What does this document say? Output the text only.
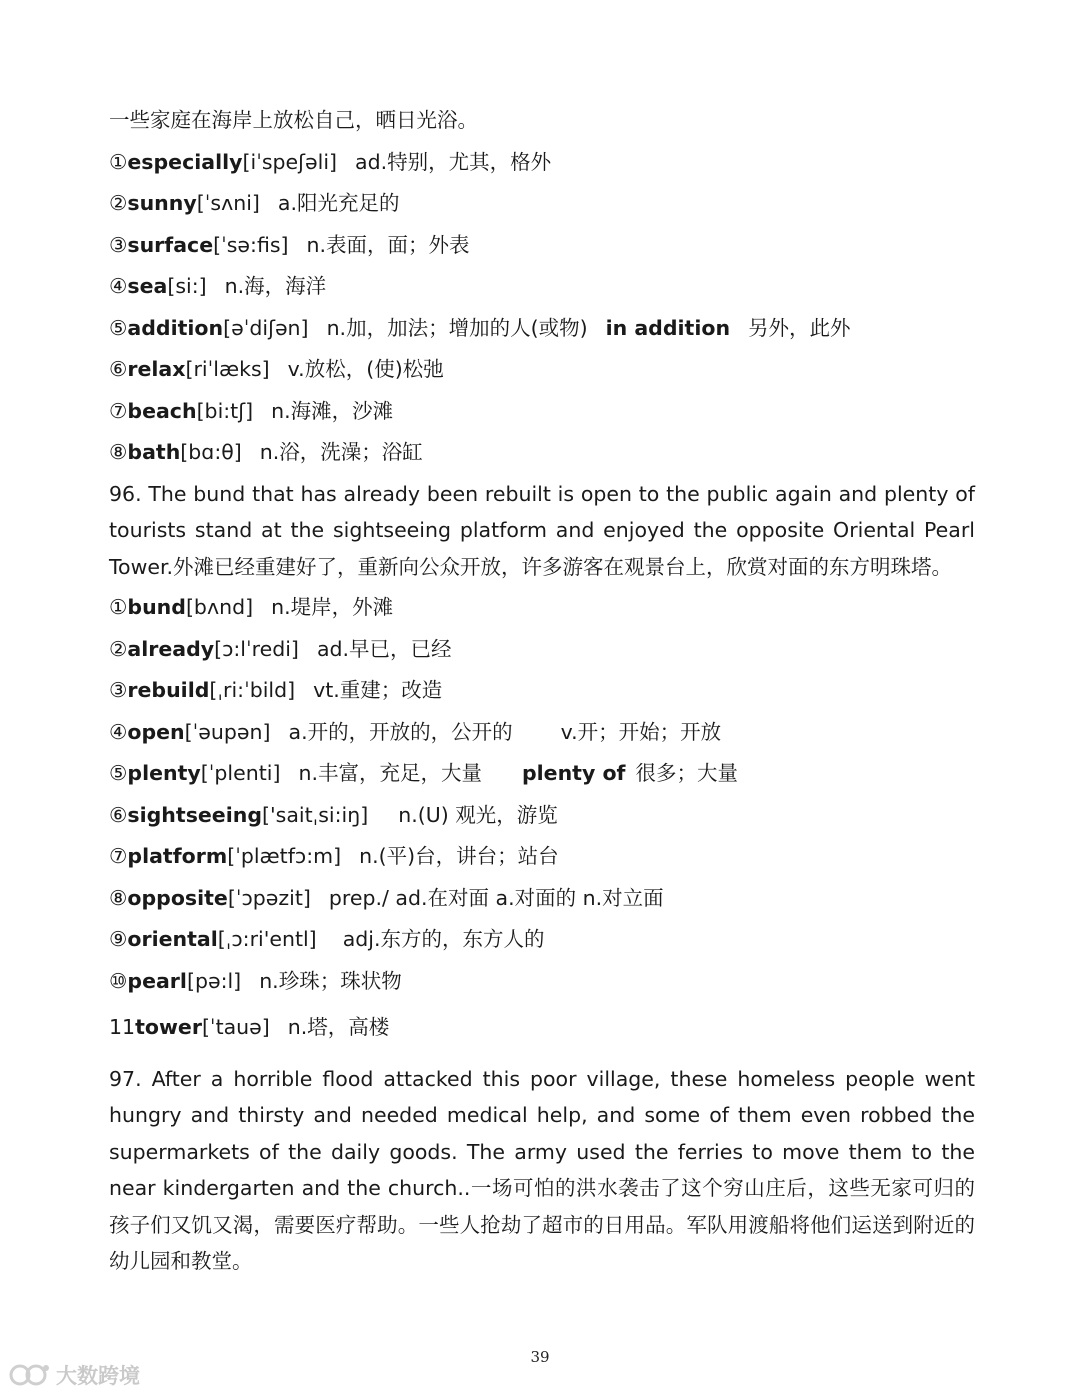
一些家庭在海岸上放松自己，晒日光浴。
①especially[iˈspeʃəli] ad.特别，尤其，格外
②sunny[ˈsʌni] a.阳光充足的
③surface[ˈsə:fis] n.表面，面；外表
④sea[si:] n.海，海洋
⑤addition[əˈdiʃən] n.加，加法；增加的人(或物) in addition 另外，此外
⑥relax[riˈlæks] v.放松，(使)松弛
⑦beach[bi:tʃ] n.海滩，沙滩
⑧bath[bɑ:θ] n.浴，洗澡；浴缸
96. The bund that has already been rebuilt is open to the public again and plenty of tourists stand at the sightseeing platform and enjoyed the opposite Oriental Pearl Tower.外滩已经重建好了，重新向公众开放，许多游客在观景台上，欣赏对面的东方明珠塔。
①bund[bʌnd] n.堤岸，外滩
②already[ɔ:lˈredi] ad.早已，已经
③rebuild[ˌri:ˈbild] vt.重建；改造
④open[ˈəupən] a.开的，开放的，公开的 v.开；开始；开放
⑤plenty[ˈplenti] n.丰富，充足，大量 plenty of 很多；大量
⑥sightseeing['saitˌsi:iŋ] n.(U) 观光，游览
⑦platform[ˈplætfɔ:m] n.(平)台，讲台；站台
⑧opposite[ˈɔpəzit] prep./ ad.在对面 a.对面的 n.对立面
⑨oriental[ˌɔ:ri'entl] adj.东方的，东方人的
⑩pearl[pə:l] n.珍珠；珠状物
11tower[ˈtauə] n.塔，高楼
97. After a horrible flood attacked this poor village, these homeless people went hungry and thirsty and needed medical help, and some of them even robbed the supermarkets of the daily goods. The army used the ferries to move them to the near kindergarten and the church..一场可怕的洪水袭击了这个穷山庄后，这些无家可归的孩子们又饥又渴，需要医疗帮助。一些人抢劫了超市的日用品。军队用渡船将他们运送到附近的幼儿园和教堂。
39
大数跨境
